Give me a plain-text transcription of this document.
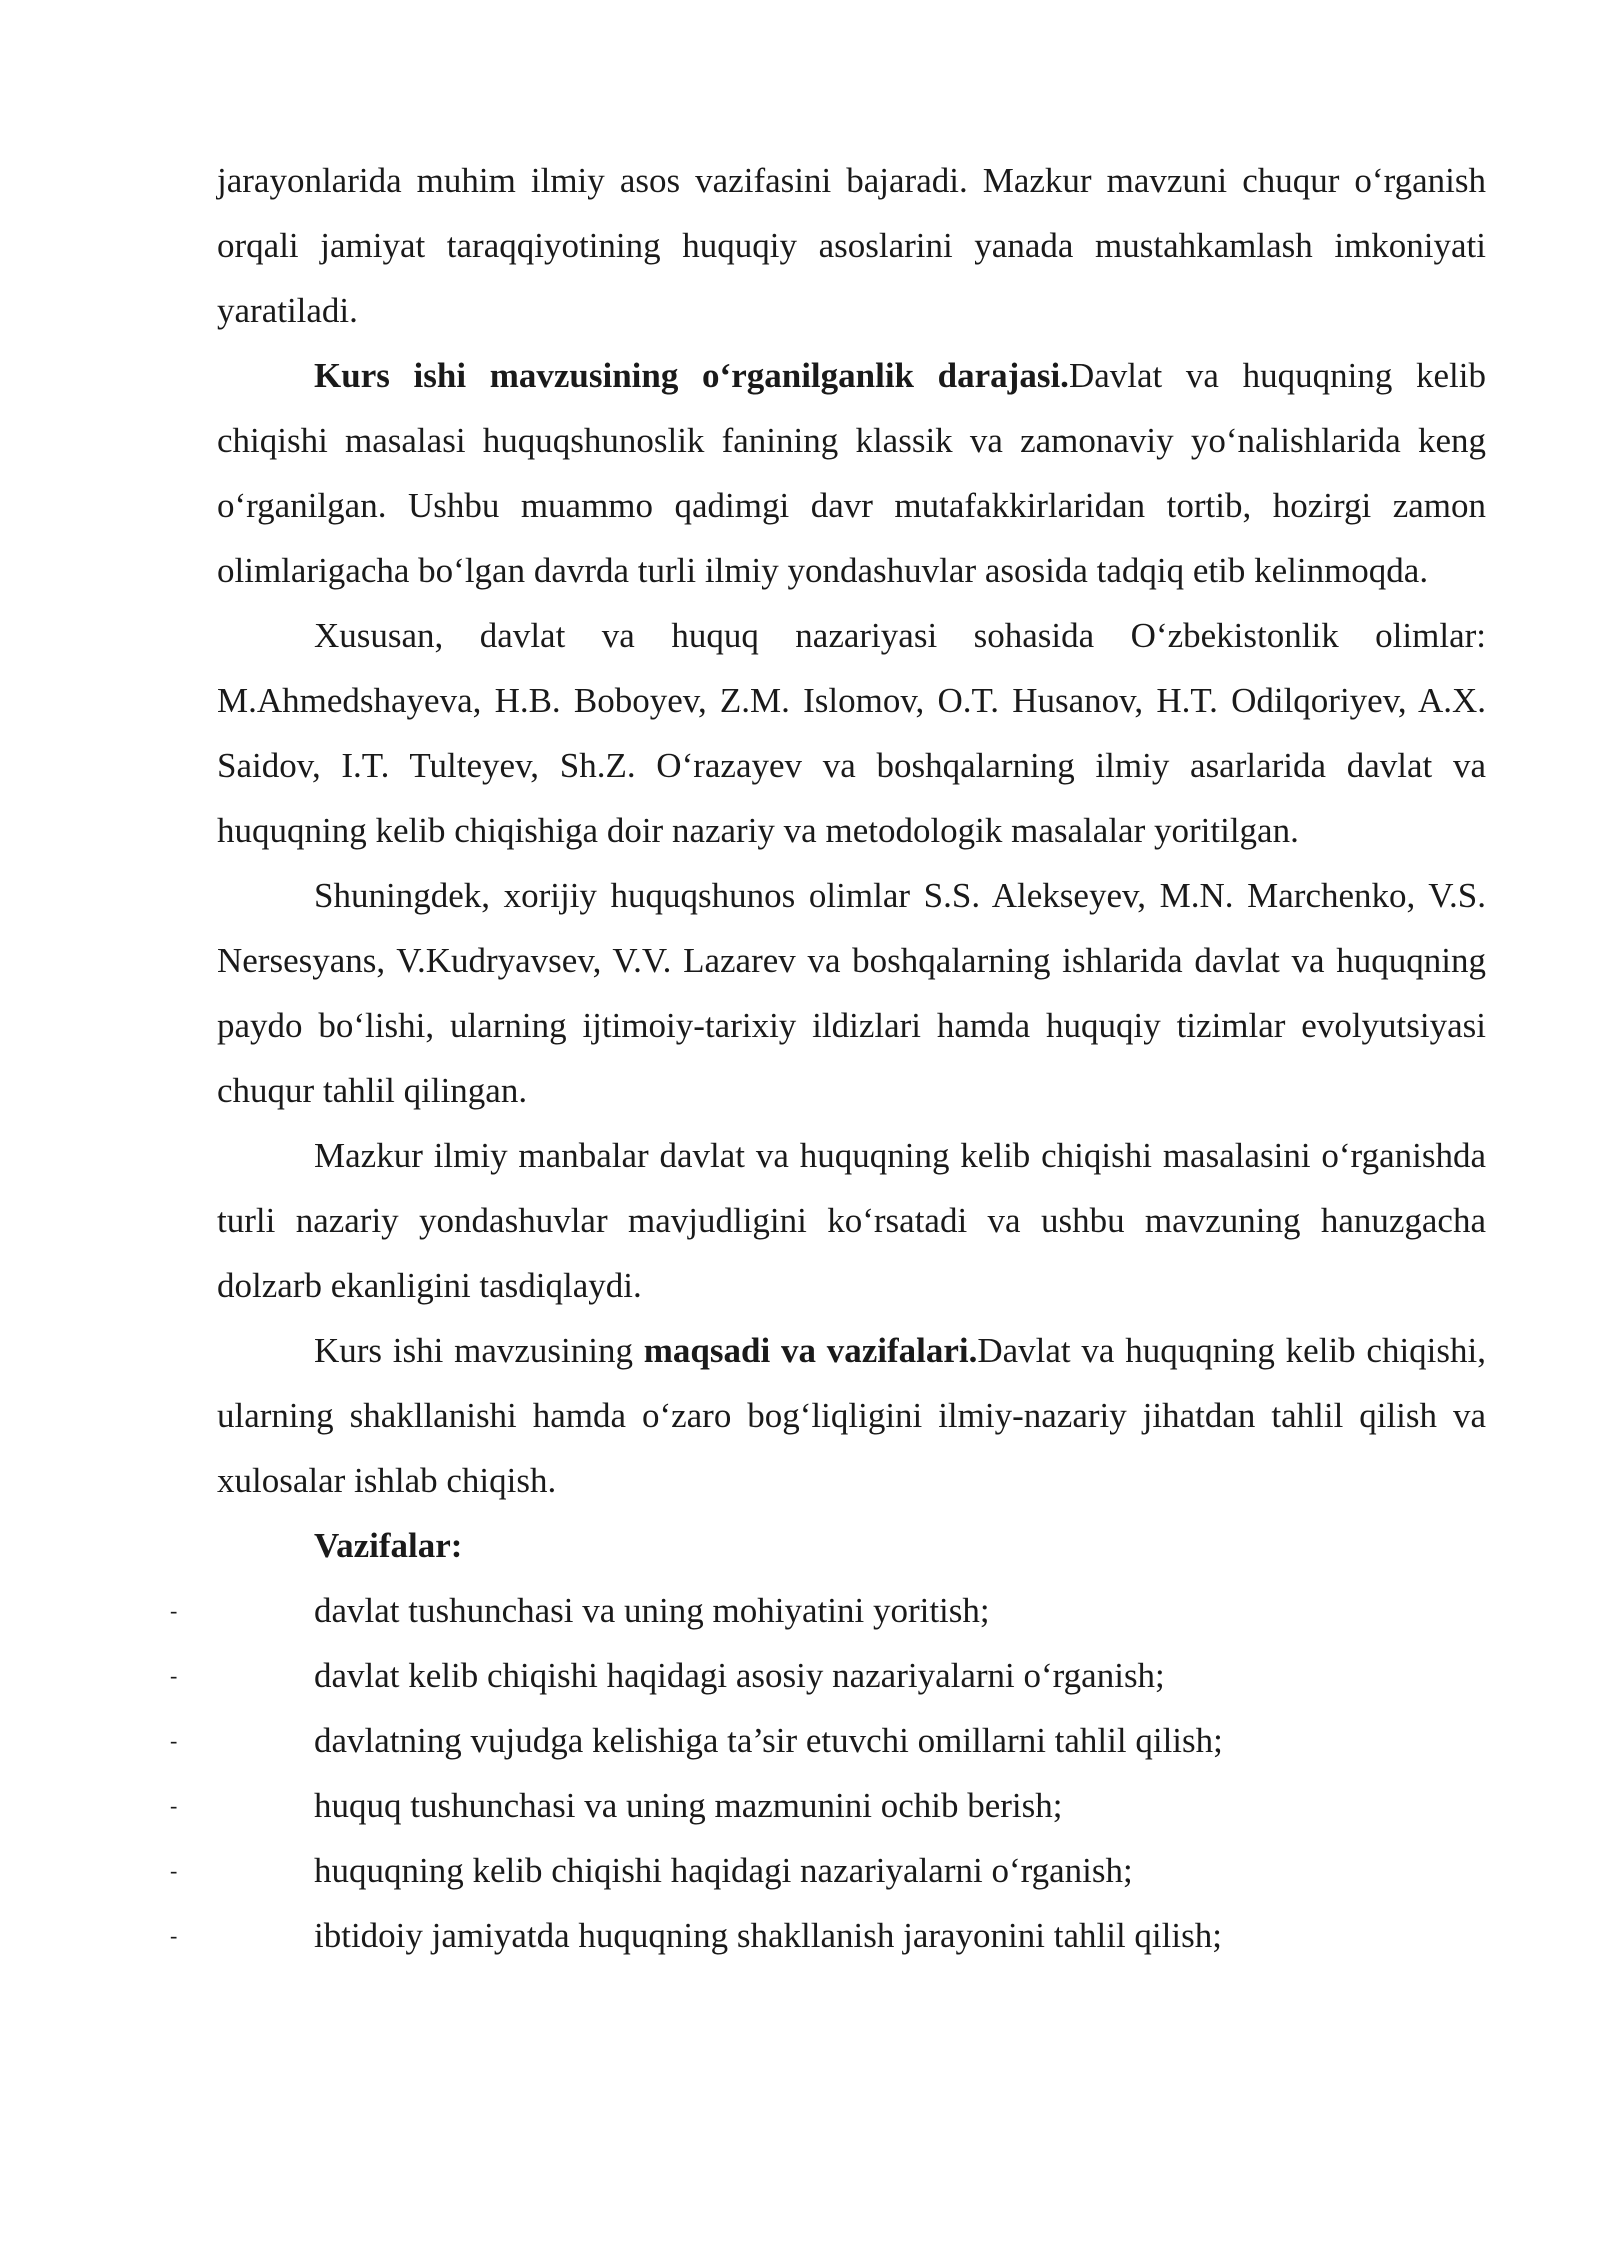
jarayonlarida muhim ilmiy asos vazifasini bajaradi. Mazkur mavzuni chuqur o‘rganish orqali jamiyat taraqqiyotining huquqiy asoslarini yanada mustahkamlash imkoniyati yaratiladi.

Kurs ishi mavzusining o‘rganilganlik darajasi.Davlat va huquqning kelib chiqishi masalasi huquqshunoslik fanining klassik va zamonaviy yo‘nalishlarida keng o‘rganilgan. Ushbu muammo qadimgi davr mutafakkirlaridan tortib, hozirgi zamon olimlarigacha bo‘lgan davrda turli ilmiy yondashuvlar asosida tadqiq etib kelinmoqda.

Xususan, davlat va huquq nazariyasi sohasida O‘zbekistonlik olimlar: M.Ahmedshayeva, H.B. Boboyev, Z.M. Islomov, O.T. Husanov, H.T. Odilqoriyev, A.X. Saidov, I.T. Tulteyev, Sh.Z. O‘razayev va boshqalarning ilmiy asarlarida davlat va huquqning kelib chiqishiga doir nazariy va metodologik masalalar yoritilgan.

Shuningdek, xorijiy huquqshunos olimlar S.S. Alekseyev, M.N. Marchenko, V.S. Nersesyans, V.Kudryavsev, V.V. Lazarev va boshqalarning ishlarida davlat va huquqning paydo bo‘lishi, ularning ijtimoiy-tarixiy ildizlari hamda huquqiy tizimlar evolyutsiyasi chuqur tahlil qilingan.

Mazkur ilmiy manbalar davlat va huquqning kelib chiqishi masalasini o‘rganishda turli nazariy yondashuvlar mavjudligini ko‘rsatadi va ushbu mavzuning hanuzgacha dolzarb ekanligini tasdiqlaydi.

Kurs ishi mavzusining maqsadi va vazifalari.Davlat va huquqning kelib chiqishi, ularning shakllanishi hamda o‘zaro bog‘liqligini ilmiy-nazariy jihatdan tahlil qilish va xulosalar ishlab chiqish.

Vazifalar:

-	davlat tushunchasi va uning mohiyatini yoritish;
-	davlat kelib chiqishi haqidagi asosiy nazariyalarni o‘rganish;
-	davlatning vujudga kelishiga ta’sir etuvchi omillarni tahlil qilish;
-	huquq tushunchasi va uning mazmunini ochib berish;
-	huquqning kelib chiqishi haqidagi nazariyalarni o‘rganish;
-	ibtidoiy jamiyatda huquqning shakllanish jarayonini tahlil qilish;
